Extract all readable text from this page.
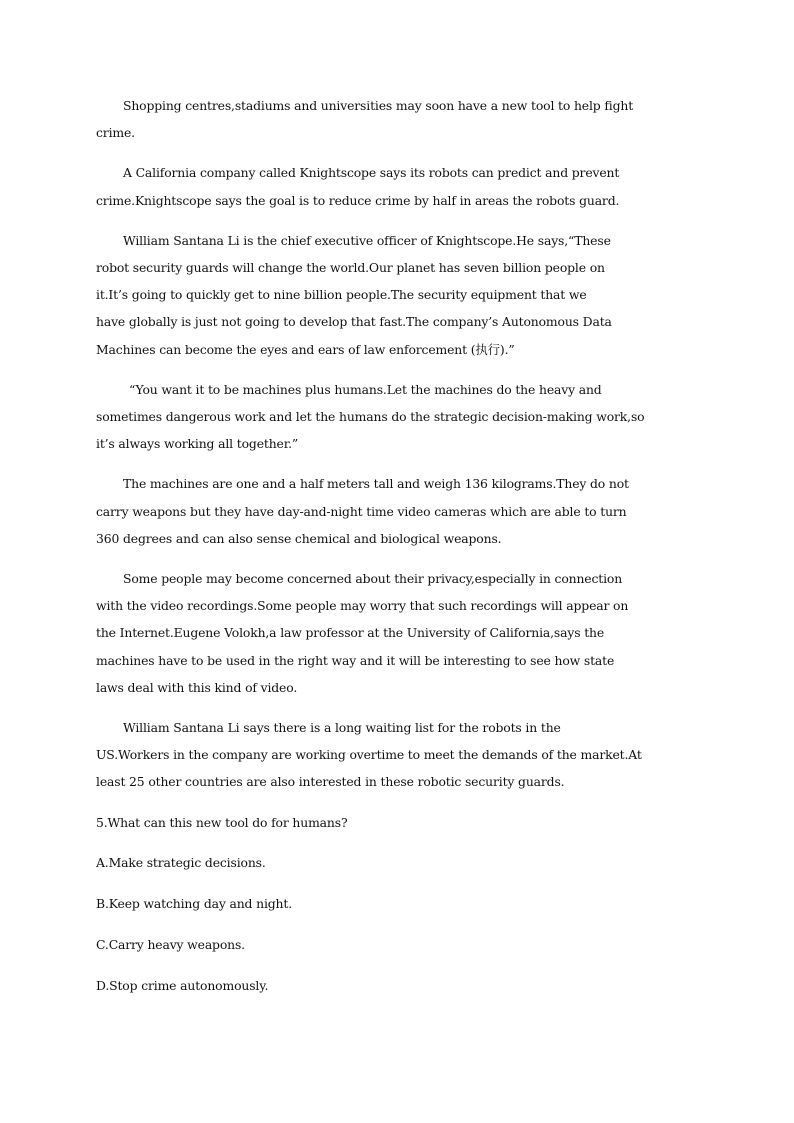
Shopping centres,stadiums and universities may soon have a new tool to help fight
crime.

A California company called Knightscope says its robots can predict and prevent
crime.Knightscope says the goal is to reduce crime by half in areas the robots guard.

William Santana Li is the chief executive officer of Knightscope.He says,“These
robot security guards will change the world.Our planet has seven billion people on
it.It’s going to quickly get to nine billion people.The security equipment that we
have globally is just not going to develop that fast.The company’s Autonomous Data
Machines can become the eyes and ears of law enforcement (执行).”

“You want it to be machines plus humans.Let the machines do the heavy and
sometimes dangerous work and let the humans do the strategic decision-making work,so
it’s always working all together.”

The machines are one and a half meters tall and weigh 136 kilograms.They do not
carry weapons but they have day-and-night time video cameras which are able to turn
360 degrees and can also sense chemical and biological weapons.

Some people may become concerned about their privacy,especially in connection
with the video recordings.Some people may worry that such recordings will appear on
the Internet.Eugene Volokh,a law professor at the University of California,says the
machines have to be used in the right way and it will be interesting to see how state
laws deal with this kind of video.

William Santana Li says there is a long waiting list for the robots in the
US.Workers in the company are working overtime to meet the demands of the market.At
least 25 other countries are also interested in these robotic security guards.

5.What can this new tool do for humans?

A.Make strategic decisions.

B.Keep watching day and night.

C.Carry heavy weapons.

D.Stop crime autonomously.
